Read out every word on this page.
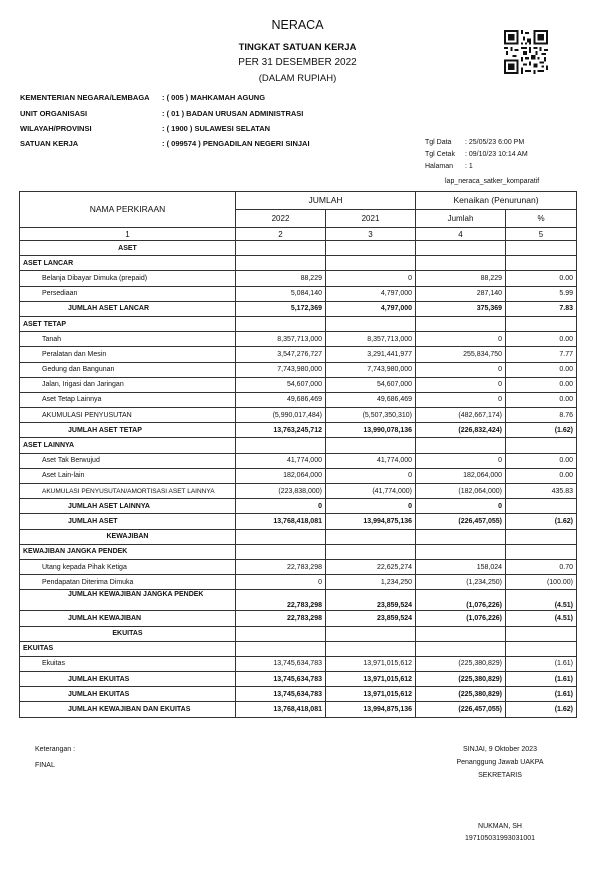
NERACA
TINGKAT SATUAN KERJA
PER 31 DESEMBER 2022
(DALAM RUPIAH)
KEMENTERIAN NEGARA/LEMBAGA : ( 005 ) MAHKAMAH AGUNG
UNIT ORGANISASI	: ( 01 ) BADAN URUSAN ADMINISTRASI
WILAYAH/PROVINSI	: ( 1900 ) SULAWESI SELATAN
SATUAN KERJA	: ( 099574 ) PENGADILAN NEGERI SINJAI	Tgl Data	: 25/05/23 6:00 PM
Tgl Cetak	: 09/10/23 10:14 AM
Halaman	: 1
lap_neraca_satker_komparatif
NAMA PERKIRAAN	JUMLAH		Kenaikan (Penurunan)	
	2022	2021	Jumlah	%
1	2	3	4	5
ASET				
ASET LANCAR				
Belanja Dibayar Dimuka (prepaid)	88,229	0	88,229	0.00
Persediaan	5,084,140	4,797,000	287,140	5.99
JUMLAH ASET LANCAR	5,172,369	4,797,000	375,369	7.83
ASET TETAP				
Tanah	8,357,713,000	8,357,713,000	0	0.00
Peralatan dan Mesin	3,547,276,727	3,291,441,977	255,834,750	7.77
Gedung dan Bangunan	7,743,980,000	7,743,980,000	0	0.00
Jalan, Irigasi dan Jaringan	54,607,000	54,607,000	0	0.00
Aset Tetap Lainnya	49,686,469	49,686,469	0	0.00
AKUMULASI PENYUSUTAN	(5,990,017,484)	(5,507,350,310)	(482,667,174)	8.76
JUMLAH ASET TETAP	13,763,245,712	13,990,078,136	(226,832,424)	(1.62)
ASET LAINNYA				
Aset Tak Berwujud	41,774,000	41,774,000	0	0.00
Aset Lain-lain	182,064,000	0	182,064,000	0.00
AKUMULASI PENYUSUTAN/AMORTISASI ASET LAINNYA	(223,838,000)	(41,774,000)	(182,064,000)	435.83
JUMLAH ASET LAINNYA	0	0	0	
JUMLAH ASET	13,768,418,081	13,994,875,136	(226,457,055)	(1.62)
KEWAJIBAN				
KEWAJIBAN JANGKA PENDEK				
Utang kepada Pihak Ketiga	22,783,298	22,625,274	158,024	0.70
Pendapatan Diterima Dimuka	0	1,234,250	(1,234,250)	(100.00)
JUMLAH KEWAJIBAN JANGKA PENDEK	22,783,298	23,859,524	(1,076,226)	(4.51)
JUMLAH KEWAJIBAN	22,783,298	23,859,524	(1,076,226)	(4.51)
EKUITAS				
EKUITAS				
Ekuitas	13,745,634,783	13,971,015,612	(225,380,829)	(1.61)
JUMLAH EKUITAS	13,745,634,783	13,971,015,612	(225,380,829)	(1.61)
JUMLAH EKUITAS	13,745,634,783	13,971,015,612	(225,380,829)	(1.61)
JUMLAH KEWAJIBAN DAN EKUITAS	13,768,418,081	13,994,875,136	(226,457,055)	(1.62)
Keterangan :
FINAL
SINJAI, 9 Oktober 2023
Penanggung Jawab UAKPA
SEKRETARIS
NUKMAN, SH
197105031993031001
